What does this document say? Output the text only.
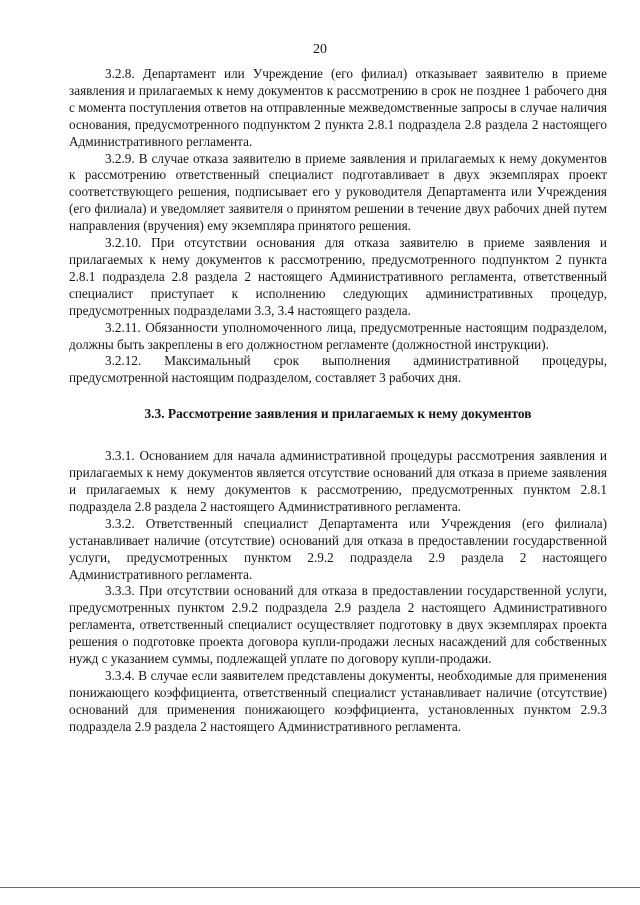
20

3.2.8. Департамент или Учреждение (его филиал) отказывает заявителю в приеме заявления и прилагаемых к нему документов к рассмотрению в срок не позднее 1 рабочего дня с момента поступления ответов на отправленные межведомственные запросы в случае наличия основания, предусмотренного подпунктом 2 пункта 2.8.1 подраздела 2.8 раздела 2 настоящего Административного регламента.

3.2.9. В случае отказа заявителю в приеме заявления и прилагаемых к нему документов к рассмотрению ответственный специалист подготавливает в двух экземплярах проект соответствующего решения, подписывает его у руководителя Департамента или Учреждения (его филиала) и уведомляет заявителя о принятом решении в течение двух рабочих дней путем направления (вручения) ему экземпляра принятого решения.

3.2.10. При отсутствии основания для отказа заявителю в приеме заявления и прилагаемых к нему документов к рассмотрению, предусмотренного подпунктом 2 пункта 2.8.1 подраздела 2.8 раздела 2 настоящего Административного регламента, ответственный специалист приступает к исполнению следующих административных процедур, предусмотренных подразделами 3.3, 3.4 настоящего раздела.

3.2.11. Обязанности уполномоченного лица, предусмотренные настоящим подразделом, должны быть закреплены в его должностном регламенте (должностной инструкции).

3.2.12. Максимальный срок выполнения административной процедуры, предусмотренной настоящим подразделом, составляет 3 рабочих дня.

3.3. Рассмотрение заявления и прилагаемых к нему документов

3.3.1. Основанием для начала административной процедуры рассмотрения заявления и прилагаемых к нему документов является отсутствие оснований для отказа в приеме заявления и прилагаемых к нему документов к рассмотрению, предусмотренных пунктом 2.8.1 подраздела 2.8 раздела 2 настоящего Административного регламента.

3.3.2. Ответственный специалист Департамента или Учреждения (его филиала) устанавливает наличие (отсутствие) оснований для отказа в предоставлении государственной услуги, предусмотренных пунктом 2.9.2 подраздела 2.9 раздела 2 настоящего Административного регламента.

3.3.3. При отсутствии оснований для отказа в предоставлении государственной услуги, предусмотренных пунктом 2.9.2 подраздела 2.9 раздела 2 настоящего Административного регламента, ответственный специалист осуществляет подготовку в двух экземплярах проекта решения о подготовке проекта договора купли-продажи лесных насаждений для собственных нужд с указанием суммы, подлежащей уплате по договору купли-продажи.

3.3.4. В случае если заявителем представлены документы, необходимые для применения понижающего коэффициента, ответственный специалист устанавливает наличие (отсутствие) оснований для применения понижающего коэффициента, установленных пунктом 2.9.3 подраздела 2.9 раздела 2 настоящего Административного регламента.
